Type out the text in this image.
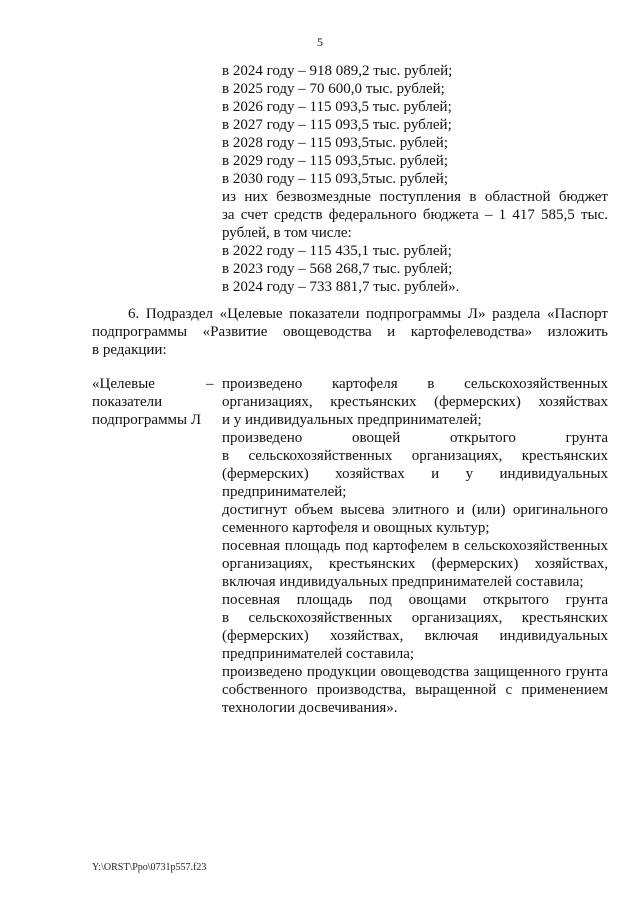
5
в 2024 году – 918 089,2 тыс. рублей;
в 2025 году – 70 600,0 тыс. рублей;
в 2026 году – 115 093,5 тыс. рублей;
в 2027 году – 115 093,5 тыс. рублей;
в 2028 году – 115 093,5тыс. рублей;
в 2029 году – 115 093,5тыс. рублей;
в 2030 году – 115 093,5тыс. рублей;
из них безвозмездные поступления в областной бюджет
за счет средств федерального бюджета – 1 417 585,5 тыс.
рублей, в том числе:
в 2022 году – 115 435,1 тыс. рублей;
в 2023 году – 568 268,7 тыс. рублей;
в 2024 году – 733 881,7 тыс. рублей».
6. Подраздел «Целевые показатели подпрограммы Л» раздела «Паспорт
подпрограммы «Развитие овощеводства и картофелеводства» изложить
в редакции:
«Целевые
показатели
подпрограммы Л
– произведено картофеля в сельскохозяйственных
организациях, крестьянских (фермерских) хозяйствах
и у индивидуальных предпринимателей;
произведено овощей открытого грунта
в сельскохозяйственных организациях, крестьянских
(фермерских) хозяйствах и у индивидуальных
предпринимателей;
достигнут объем высева элитного и (или) оригинального
семенного картофеля и овощных культур;
посевная площадь под картофелем в сельскохозяйственных
организациях, крестьянских (фермерских) хозяйствах,
включая индивидуальных предпринимателей составила;
посевная площадь под овощами открытого грунта
в сельскохозяйственных организациях, крестьянских
(фермерских) хозяйствах, включая индивидуальных
предпринимателей составила;
произведено продукции овощеводства защищенного грунта
собственного производства, выращенной с применением
технологии досвечивания».
Y:\ORST\Ppo\0731p557.f23
